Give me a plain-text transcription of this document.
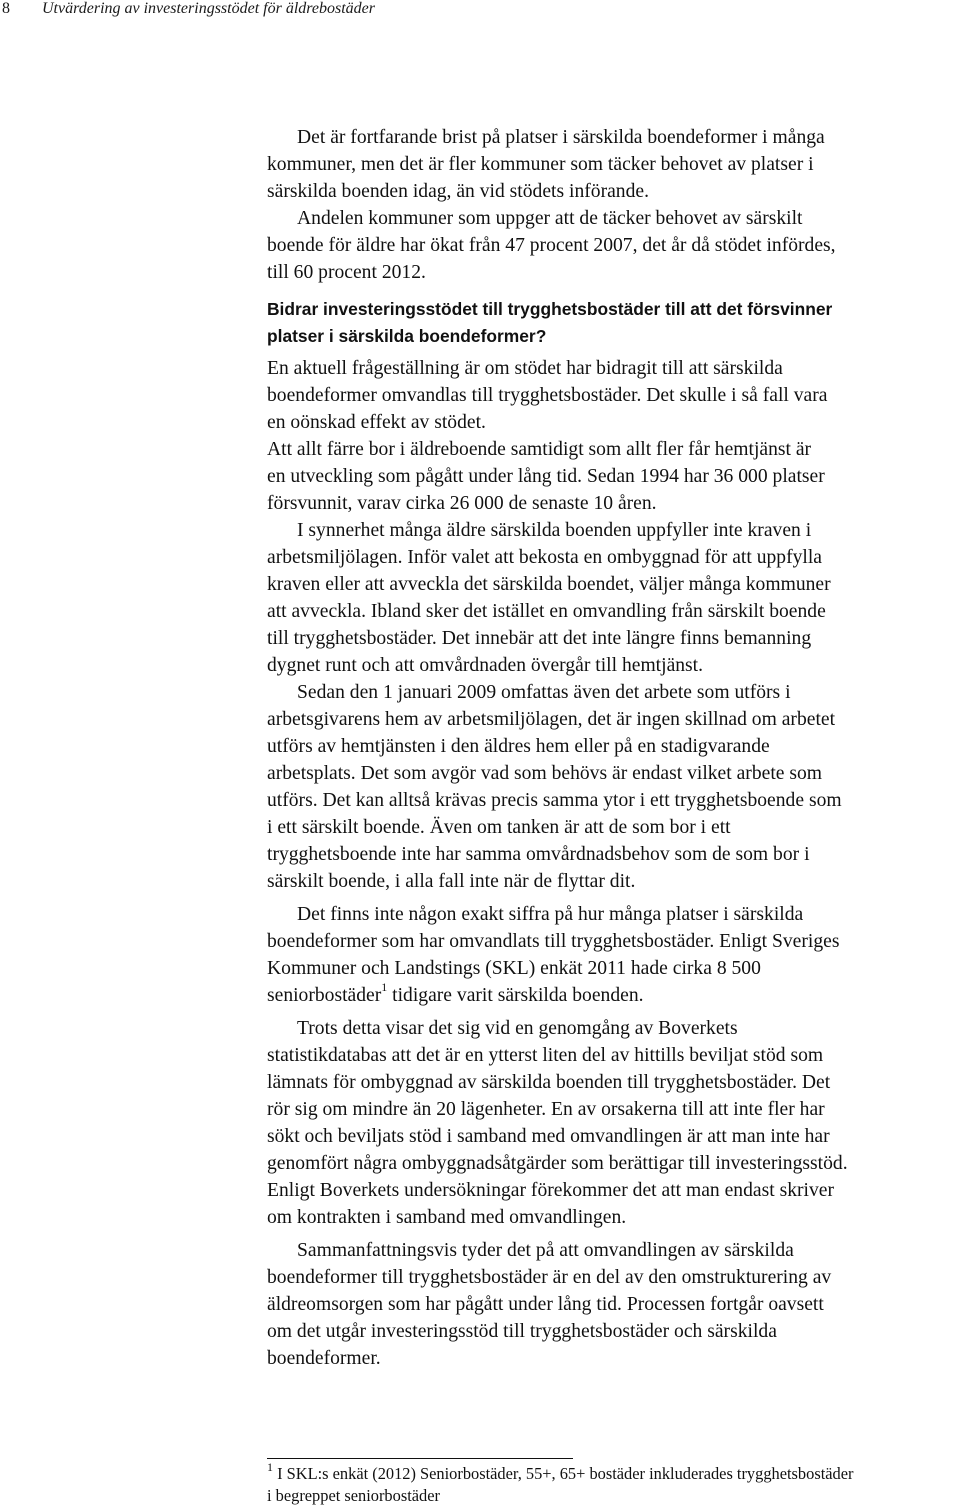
8 Utvärdering av investeringsstödet för äldrebostäder

Det är fortfarande brist på platser i särskilda boendeformer i många
kommuner, men det är fler kommuner som täcker behovet av platser i
särskilda boenden idag, än vid stödets införande.

Andelen kommuner som uppger att de täcker behovet av särskilt
boende för äldre har ökat från 47 procent 2007, det år då stödet infördes,
till 60 procent 2012.

Bidrar investeringsstödet till trygghetsbostäder till att det försvinner
platser i särskilda boendeformer?

En aktuell frågeställning är om stödet har bidragit till att särskilda
boendeformer omvandlas till trygghetsbostäder. Det skulle i så fall vara
en oönskad effekt av stödet.

Att allt färre bor i äldreboende samtidigt som allt fler får hemtjänst är
en utveckling som pågått under lång tid. Sedan 1994 har 36 000 platser
försvunnit, varav cirka 26 000 de senaste 10 åren.

I synnerhet många äldre särskilda boenden uppfyller inte kraven i
arbetsmiljölagen. Inför valet att bekosta en ombyggnad för att uppfylla
kraven eller att avveckla det särskilda boendet, väljer många kommuner
att avveckla. Ibland sker det istället en omvandling från särskilt boende
till trygghetsbostäder. Det innebär att det inte längre finns bemanning
dygnet runt och att omvårdnaden övergår till hemtjänst.

Sedan den 1 januari 2009 omfattas även det arbete som utförs i
arbetsgivarens hem av arbetsmiljölagen, det är ingen skillnad om arbetet
utförs av hemtjänsten i den äldres hem eller på en stadigvarande
arbetsplats. Det som avgör vad som behövs är endast vilket arbete som
utförs. Det kan alltså krävas precis samma ytor i ett trygghetsboende som
i ett särskilt boende. Även om tanken är att de som bor i ett
trygghetsboende inte har samma omvårdnadsbehov som de som bor i
särskilt boende, i alla fall inte när de flyttar dit.

Det finns inte någon exakt siffra på hur många platser i särskilda
boendeformer som har omvandlats till trygghetsbostäder. Enligt Sveriges
Kommuner och Landstings (SKL) enkät 2011 hade cirka 8 500
seniorbostäder$^1$ tidigare varit särskilda boenden.

Trots detta visar det sig vid en genomgång av Boverkets
statistikdatabas att det är en ytterst liten del av hittills beviljat stöd som
lämnats för ombyggnad av särskilda boenden till trygghetsbostäder. Det
rör sig om mindre än 20 lägenheter. En av orsakerna till att inte fler har
sökt och beviljats stöd i samband med omvandlingen är att man inte har
genomfört några ombyggnadsåtgärder som berättigar till investeringsstöd.
Enligt Boverkets undersökningar förekommer det att man endast skriver
om kontrakten i samband med omvandlingen.

Sammanfattningsvis tyder det på att omvandlingen av särskilda
boendeformer till trygghetsbostäder är en del av den omstrukturering av
äldreomsorgen som har pågått under lång tid. Processen fortgår oavsett
om det utgår investeringsstöd till trygghetsbostäder och särskilda
boendeformer.

$^1$ I SKL:s enkät (2012) Seniorbostäder, 55+, 65+ bostäder inkluderades trygghetsbostäder
i begreppet seniorbostäder
